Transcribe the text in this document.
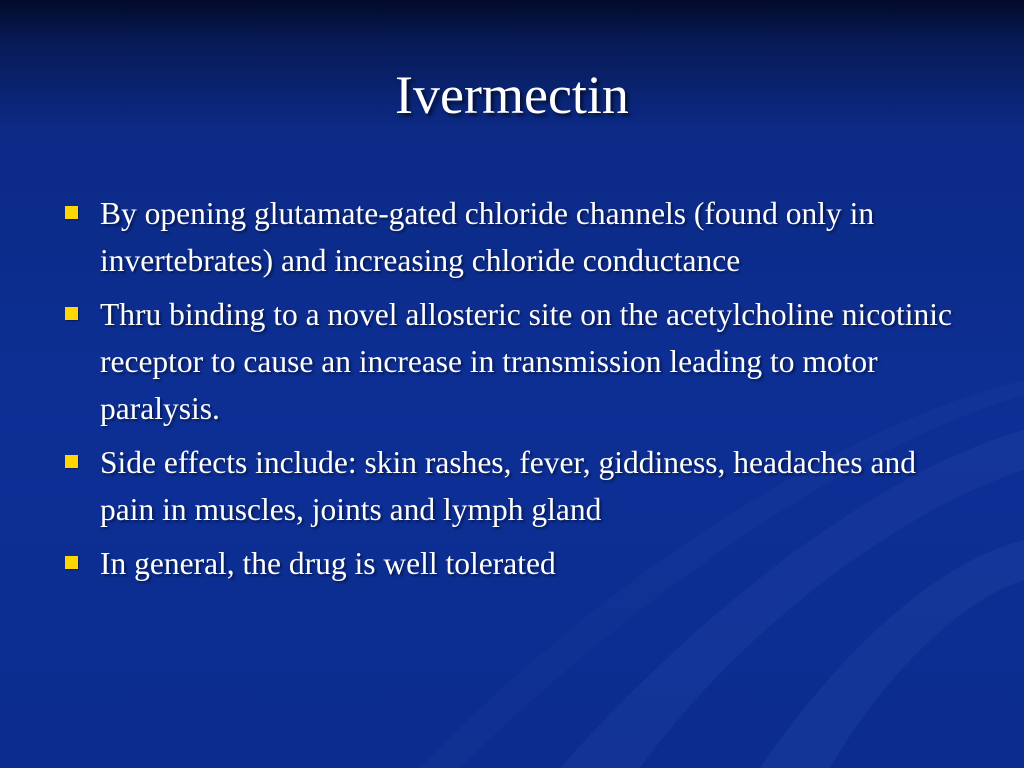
Ivermectin
By opening glutamate-gated chloride channels (found only in invertebrates) and increasing chloride conductance
Thru binding to a novel allosteric site on the acetylcholine nicotinic receptor to cause an increase in transmission leading to motor paralysis.
Side effects include: skin rashes, fever, giddiness, headaches and pain in muscles, joints and lymph gland
In general, the drug is well tolerated
